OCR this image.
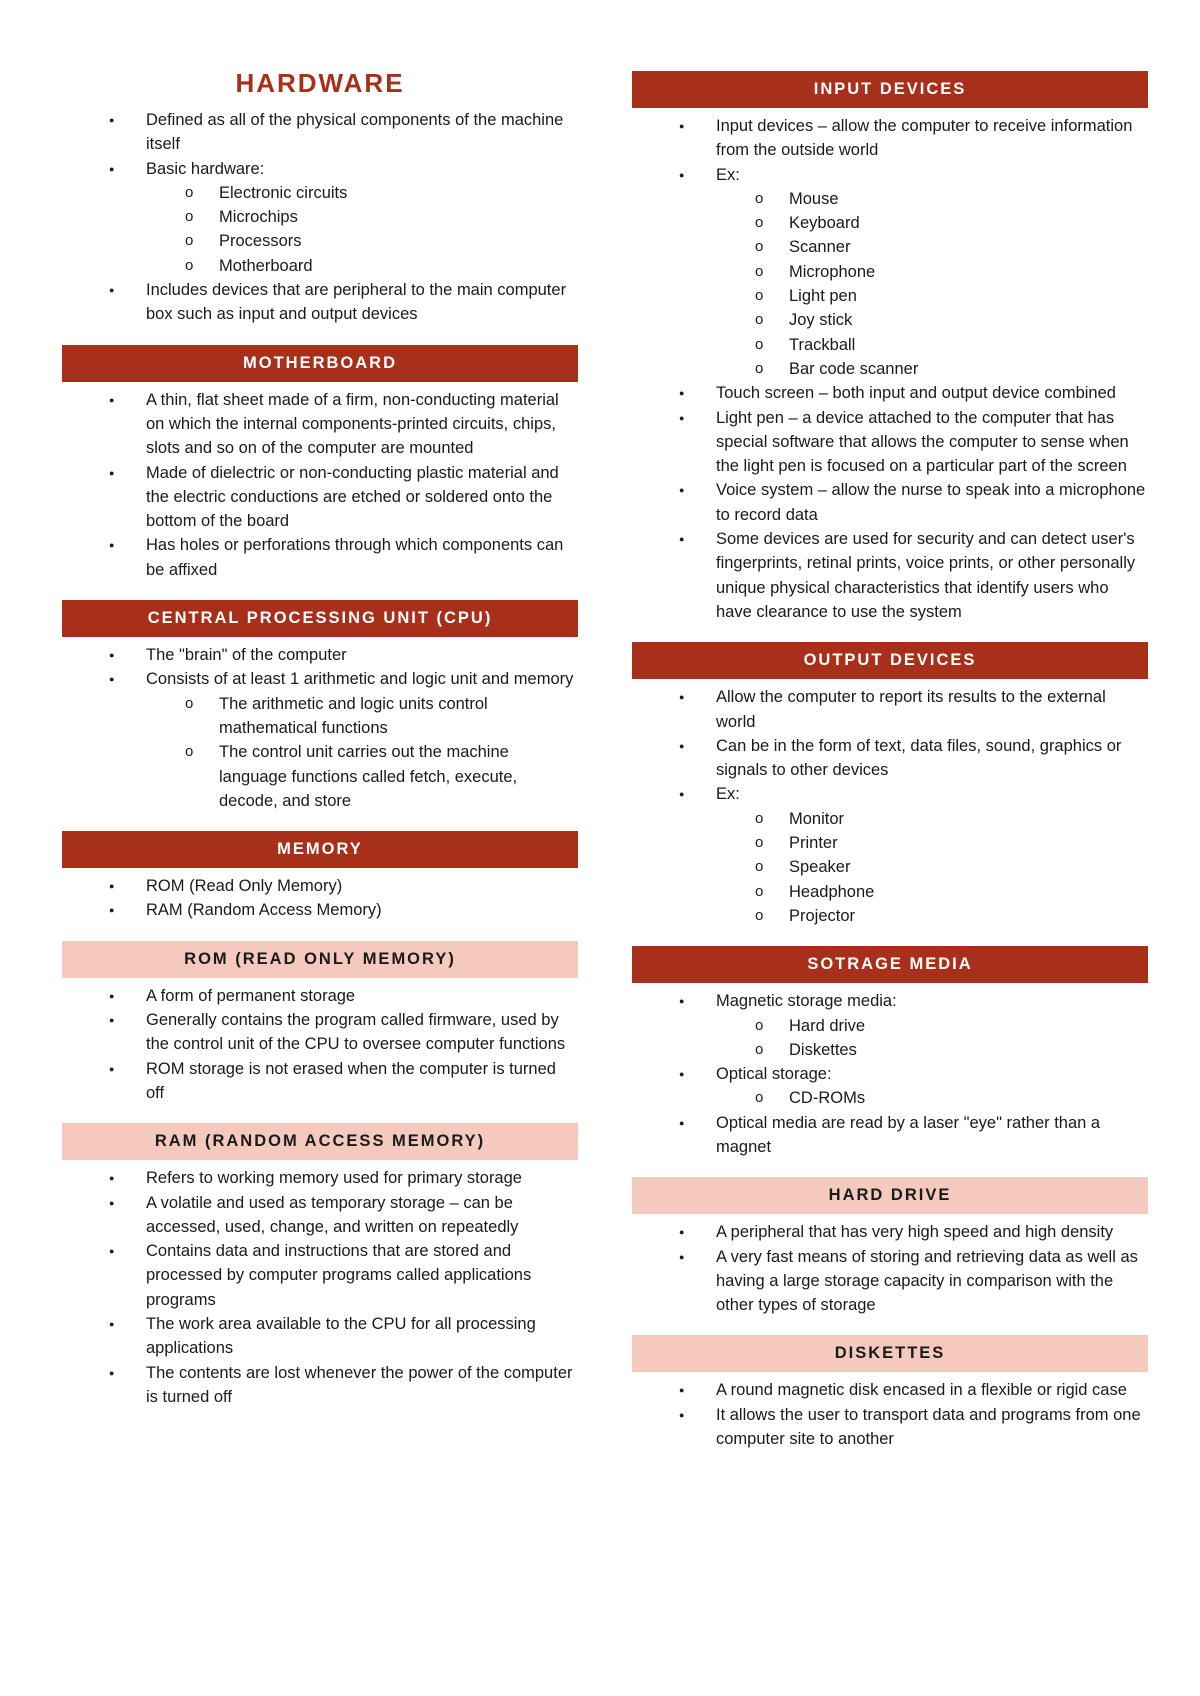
HARDWARE
● Defined as all of the physical components of the machine itself
● Basic hardware:
o Electronic circuits
o Microchips
o Processors
o Motherboard
● Includes devices that are peripheral to the main computer box such as input and output devices
MOTHERBOARD
● A thin, flat sheet made of a firm, non-conducting material on which the internal components-printed circuits, chips, slots and so on of the computer are mounted
● Made of dielectric or non-conducting plastic material and the electric conductions are etched or soldered onto the bottom of the board
● Has holes or perforations through which components can be affixed
CENTRAL PROCESSING UNIT (CPU)
● The "brain" of the computer
● Consists of at least 1 arithmetic and logic unit and memory
o The arithmetic and logic units control mathematical functions
o The control unit carries out the machine language functions called fetch, execute, decode, and store
MEMORY
● ROM (Read Only Memory)
● RAM (Random Access Memory)
ROM (READ ONLY MEMORY)
● A form of permanent storage
● Generally contains the program called firmware, used by the control unit of the CPU to oversee computer functions
● ROM storage is not erased when the computer is turned off
RAM (RANDOM ACCESS MEMORY)
● Refers to working memory used for primary storage
● A volatile and used as temporary storage – can be accessed, used, change, and written on repeatedly
● Contains data and instructions that are stored and processed by computer programs called applications programs
● The work area available to the CPU for all processing applications
● The contents are lost whenever the power of the computer is turned off
INPUT DEVICES
● Input devices – allow the computer to receive information from the outside world
● Ex:
o Mouse
o Keyboard
o Scanner
o Microphone
o Light pen
o Joy stick
o Trackball
o Bar code scanner
● Touch screen – both input and output device combined
● Light pen – a device attached to the computer that has special software that allows the computer to sense when the light pen is focused on a particular part of the screen
● Voice system – allow the nurse to speak into a microphone to record data
● Some devices are used for security and can detect user's fingerprints, retinal prints, voice prints, or other personally unique physical characteristics that identify users who have clearance to use the system
OUTPUT DEVICES
● Allow the computer to report its results to the external world
● Can be in the form of text, data files, sound, graphics or signals to other devices
● Ex:
o Monitor
o Printer
o Speaker
o Headphone
o Projector
SOTRAGE MEDIA
● Magnetic storage media:
o Hard drive
o Diskettes
● Optical storage:
o CD-ROMs
● Optical media are read by a laser "eye" rather than a magnet
HARD DRIVE
● A peripheral that has very high speed and high density
● A very fast means of storing and retrieving data as well as having a large storage capacity in comparison with the other types of storage
DISKETTES
● A round magnetic disk encased in a flexible or rigid case
● It allows the user to transport data and programs from one computer site to another
